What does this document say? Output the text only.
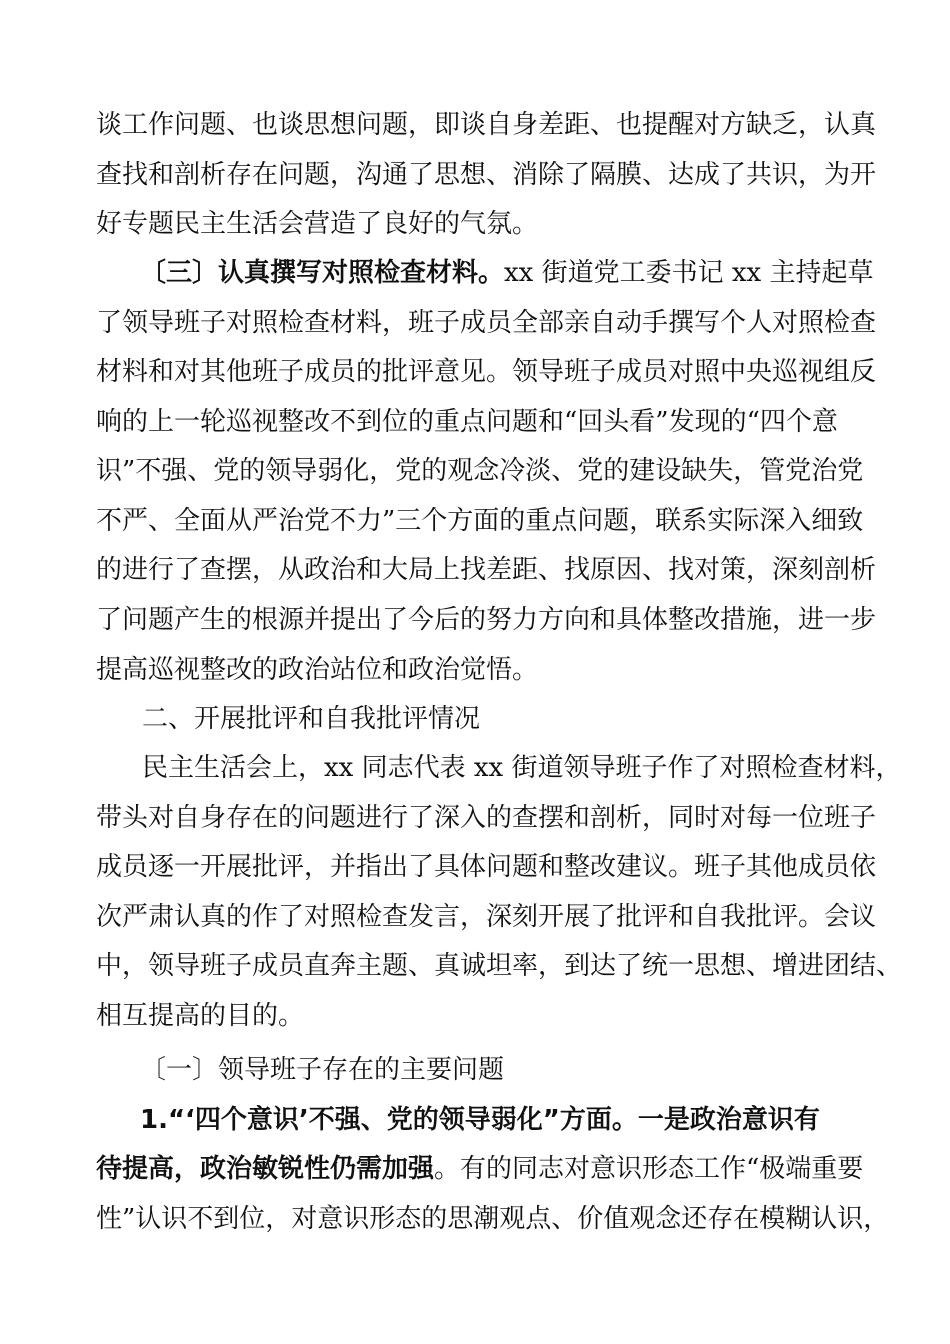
谈工作问题、也谈思想问题，即谈自身差距、也提醒对方缺乏，认真
查找和剖析存在问题，沟通了思想、消除了隔膜、达成了共识，为开
好专题民主生活会营造了良好的气氛。
〔三〕认真撰写对照检查材料。xx 街道党工委书记 xx 主持起草
了领导班子对照检查材料，班子成员全部亲自动手撰写个人对照检查
材料和对其他班子成员的批评意见。领导班子成员对照中央巡视组反
响的上一轮巡视整改不到位的重点问题和“回头看”发现的“四个意
识”不强、党的领导弱化，党的观念冷淡、党的建设缺失，管党治党
不严、全面从严治党不力”三个方面的重点问题，联系实际深入细致
的进行了查摆，从政治和大局上找差距、找原因、找对策，深刻剖析
了问题产生的根源并提出了今后的努力方向和具体整改措施，进一步
提高巡视整改的政治站位和政治觉悟。
二、开展批评和自我批评情况
民主生活会上，xx 同志代表 xx 街道领导班子作了对照检查材料，
带头对自身存在的问题进行了深入的查摆和剖析，同时对每一位班子
成员逐一开展批评，并指出了具体问题和整改建议。班子其他成员依
次严肃认真的作了对照检查发言，深刻开展了批评和自我批评。会议
中，领导班子成员直奔主题、真诚坦率，到达了统一思想、增进团结、
相互提高的目的。
〔一〕领导班子存在的主要问题
1.“‘四个意识’不强、党的领导弱化”方面。一是政治意识有
待提高，政治敏锐性仍需加强。有的同志对意识形态工作“极端重要
性”认识不到位，对意识形态的思潮观点、价值观念还存在模糊认识，
